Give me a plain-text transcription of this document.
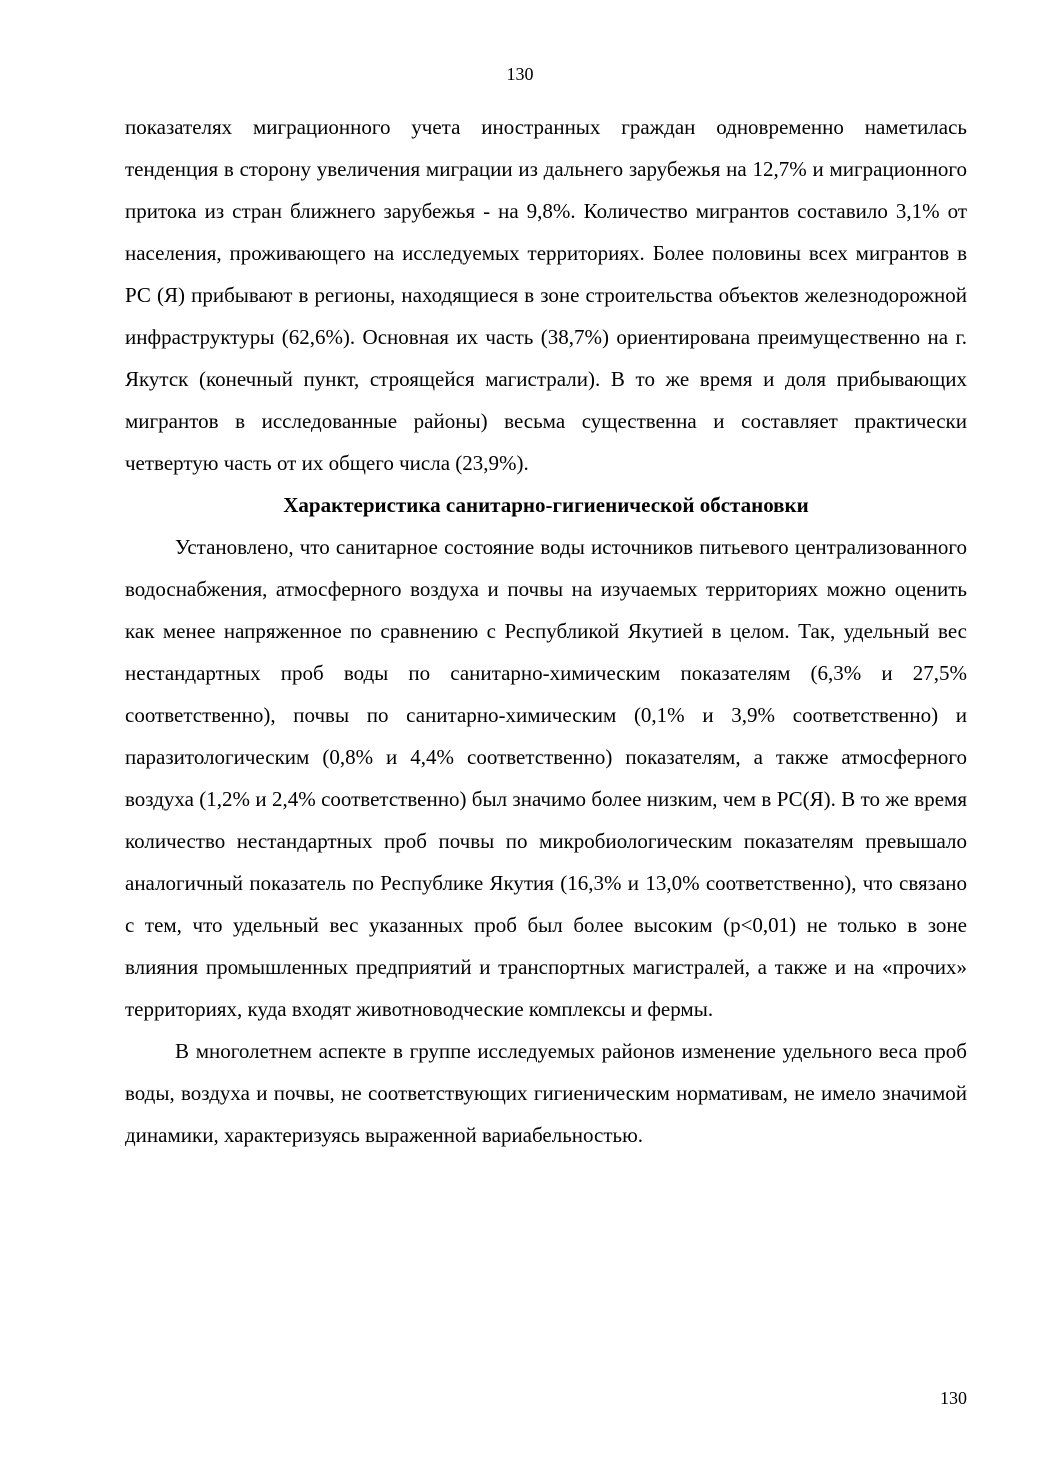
130

показателях миграционного учета иностранных граждан одновременно наметилась тенденция в сторону увеличения миграции из дальнего зарубежья на 12,7% и миграционного притока из стран ближнего зарубежья - на 9,8%. Количество мигрантов составило 3,1% от населения, проживающего на исследуемых территориях. Более половины всех мигрантов в РС (Я) прибывают в регионы, находящиеся в зоне строительства объектов железнодорожной инфраструктуры (62,6%). Основная их часть (38,7%) ориентирована преимущественно на г. Якутск (конечный пункт, строящейся магистрали). В то же время и доля прибывающих мигрантов в исследованные районы) весьма существенна и составляет практически четвертую часть от их общего числа (23,9%).

Характеристика санитарно-гигиенической обстановки

Установлено, что санитарное состояние воды источников питьевого централизованного водоснабжения, атмосферного воздуха и почвы на изучаемых территориях можно оценить как менее напряженное по сравнению с Республикой Якутией в целом. Так, удельный вес нестандартных проб воды по санитарно-химическим показателям (6,3% и 27,5% соответственно), почвы по санитарно-химическим (0,1% и 3,9% соответственно) и паразитологическим (0,8% и 4,4% соответственно) показателям, а также атмосферного воздуха (1,2% и 2,4% соответственно) был значимо более низким, чем в РС(Я). В то же время количество нестандартных проб почвы по микробиологическим показателям превышало аналогичный показатель по Республике Якутия (16,3% и 13,0% соответственно), что связано с тем, что удельный вес указанных проб был более высоким (р<0,01) не только в зоне влияния промышленных предприятий и транспортных магистралей, а также и на «прочих» территориях, куда входят животноводческие комплексы и фермы.

В многолетнем аспекте в группе исследуемых районов изменение удельного веса проб воды, воздуха и почвы, не соответствующих гигиеническим нормативам, не имело значимой динамики, характеризуясь выраженной вариабельностью.

130
